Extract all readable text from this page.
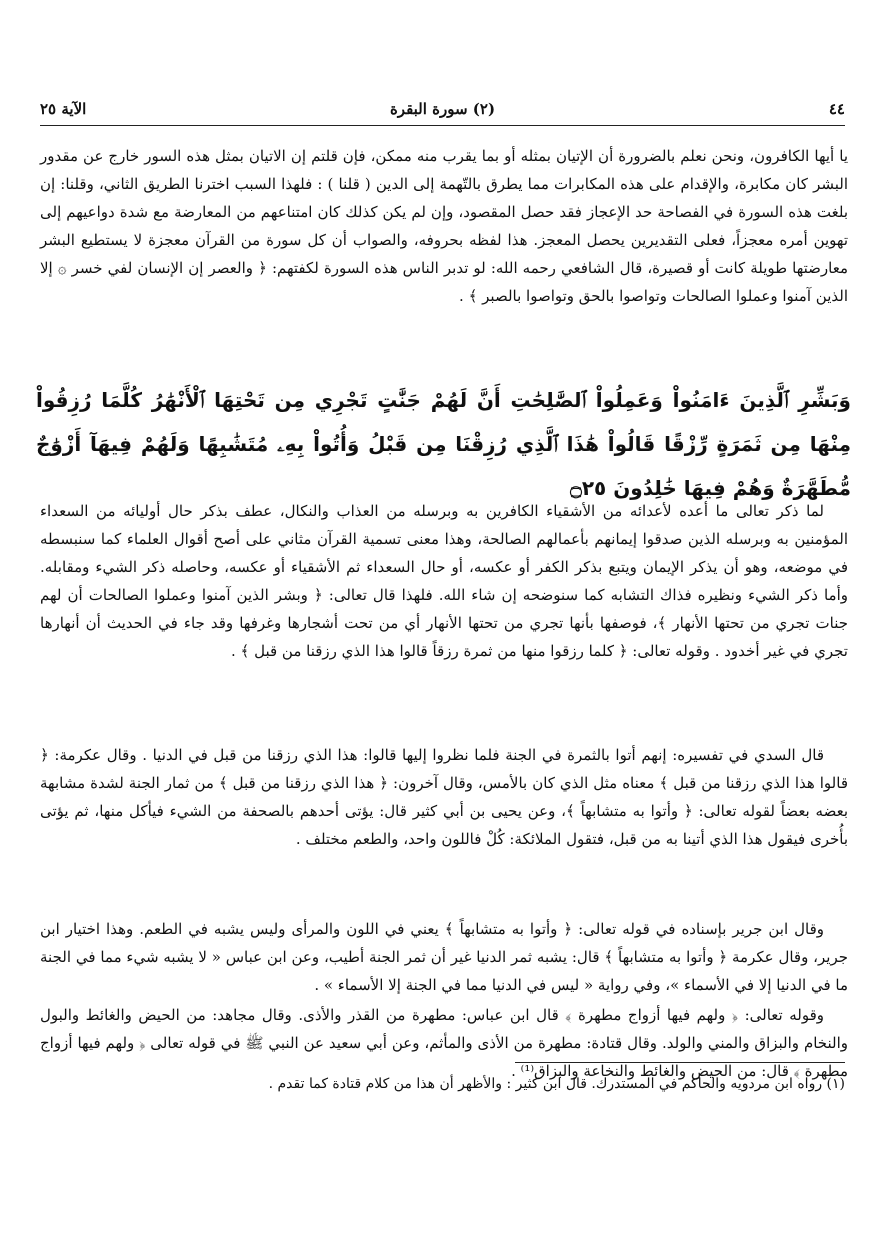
٤٤
(٢) سورة البقرة
الآية ٢٥
يا أيها الكافرون، ونحن نعلم بالضرورة أن الإتيان بمثله أو بما يقرب منه ممكن، فإن قلتم إن الاتيان بمثل هذه السور خارج عن مقدور البشر كان مكابرة، والإقدام على هذه المكابرات مما يطرق بالتّهمة إلى الدين ( قلنا ) : فلهذا السبب اخترنا الطريق الثاني، وقلنا: إن بلغت هذه السورة في الفصاحة حد الإعجاز فقد حصل المقصود، وإن لم يكن كذلك كان امتناعهم من المعارضة مع شدة دواعيهم إلى تهوين أمره معجزاً، فعلى التقديرين يحصل المعجز. هذا لفظه بحروفه، والصواب أن كل سورة من القرآن معجزة لا يستطيع البشر معارضتها طويلة كانت أو قصيرة، قال الشافعي رحمه الله: لو تدبر الناس هذه السورة لكفتهم: ﴿ والعصر إن الإنسان لفي خسر ۞ إلا الذين آمنوا وعملوا الصالحات وتواصوا بالحق وتواصوا بالصبر ﴾ .
وَبَشِّرِ ٱلَّذِينَ ءَامَنُواْ وَعَمِلُواْ ٱلصَّٰلِحَٰتِ أَنَّ لَهُمْ جَنَّٰتٍ تَجْرِي مِن تَحْتِهَا ٱلْأَنْهَٰرُ كُلَّمَا رُزِقُواْ مِنْهَا مِن ثَمَرَةٍ رِّزْقًا قَالُواْ هَٰذَا ٱلَّذِي رُزِقْنَا مِن قَبْلُ وَأُتُواْ بِهِۦ مُتَشَٰبِهًا وَلَهُمْ فِيهَآ أَزْوَٰجٌ مُّطَهَّرَةٌ وَهُمْ فِيهَا خَٰلِدُونَ ۝٢٥
لما ذكر تعالى ما أعده لأعدائه من الأشقياء الكافرين به وبرسله من العذاب والنكال، عطف بذكر حال أوليائه من السعداء المؤمنين به وبرسله الذين صدقوا إيمانهم بأعمالهم الصالحة، وهذا معنى تسمية القرآن مثاني على أصح أقوال العلماء كما سنبسطه في موضعه، وهو أن يذكر الإيمان ويتبع بذكر الكفر أو عكسه، أو حال السعداء ثم الأشقياء أو عكسه، وحاصله ذكر الشيء ومقابله. وأما ذكر الشيء ونظيره فذاك التشابه كما سنوضحه إن شاء الله. فلهذا قال تعالى: ﴿ وبشر الذين آمنوا وعملوا الصالحات أن لهم جنات تجري من تحتها الأنهار ﴾، فوصفها بأنها تجري من تحتها الأنهار أي من تحت أشجارها وغرفها وقد جاء في الحديث أن أنهارها تجري في غير أخدود . وقوله تعالى: ﴿ كلما رزقوا منها من ثمرة رزقاً قالوا هذا الذي رزقنا من قبل ﴾ .
قال السدي في تفسيره: إنهم أتوا بالثمرة في الجنة فلما نظروا إليها قالوا: هذا الذي رزقنا من قبل في الدنيا . وقال عكرمة: ﴿ قالوا هذا الذي رزقنا من قبل ﴾ معناه مثل الذي كان بالأمس، وقال آخرون: ﴿ هذا الذي رزقنا من قبل ﴾ من ثمار الجنة لشدة مشابهة بعضه بعضاً لقوله تعالى: ﴿ وأتوا به متشابهاً ﴾، وعن يحيى بن أبي كثير قال: يؤتى أحدهم بالصحفة من الشيء فيأكل منها، ثم يؤتى بأُخرى فيقول هذا الذي أتينا به من قبل، فتقول الملائكة: كُلْ فاللون واحد، والطعم مختلف .
وقال ابن جرير بإسناده في قوله تعالى: ﴿ وأتوا به متشابهاً ﴾ يعني في اللون والمرأى وليس يشبه في الطعم. وهذا اختيار ابن جرير، وقال عكرمة ﴿ وأتوا به متشابهاً ﴾ قال: يشبه ثمر الدنيا غير أن ثمر الجنة أطيب، وعن ابن عباس « لا يشبه شيء مما في الجنة ما في الدنيا إلا في الأسماء »، وفي رواية « ليس في الدنيا مما في الجنة إلا الأسماء » .
وقوله تعالى: ﴿ ولهم فيها أزواج مطهرة ﴾ قال ابن عباس: مطهرة من القذر والأذى. وقال مجاهد: من الحيض والغائط والبول والنخام والبزاق والمني والولد. وقال قتادة: مطهرة من الأذى والمأثم، وعن أبي سعيد عن النبي ﷺ في قوله تعالى ﴿ ولهم فيها أزواج مطهرة ﴾ قال: من الحيض والغائط والنخاعة والبزاق⁽¹⁾ .
(١) رواه ابن مردويه والحاكم في المستدرك. قال ابن كثير : والأظهر أن هذا من كلام قتادة كما تقدم .
